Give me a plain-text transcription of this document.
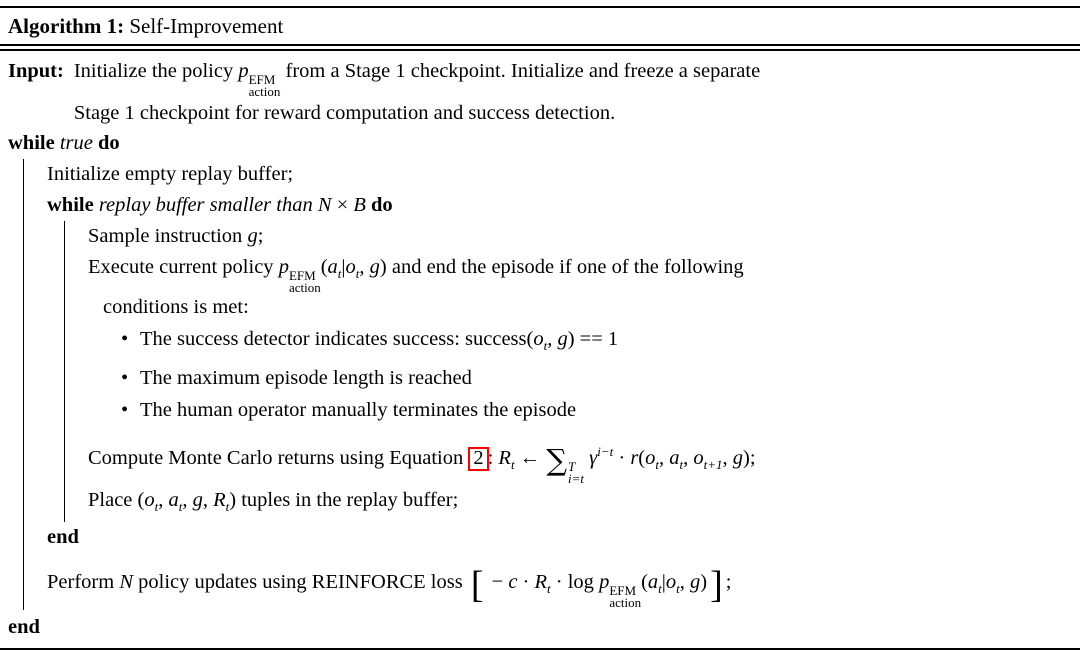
Algorithm 1: Self-Improvement
Input: Initialize the policy p EFM
action
from a Stage 1 checkpoint. Initialize and freeze a separate
Stage 1 checkpoint for reward computation and success detection.
while true do
Initialize empty replay buffer;
while replay buffer smaller than N × B do
Sample instruction g;
Execute current policy p EFM
action
($a_t|o_t$, g) and end the episode if one of the following
conditions is met:
• The success detector indicates success: $success(o_t$, g) == 1
• The maximum episode length is reached
• The human operator manually terminates the episode
Compute Monte Carlo returns using Equation 2 : $R_t$ ← ∑ T
i=t
$\gamma^{i-t} \cdot r(o_t$, $a_t$, $o_{t+1}$, g);
Place ($o_t$, $a_t$, g, $R_t$) tuples in the replay buffer;
end
Perform N policy updates using REINFORCE loss [ − $c \cdot R_t \cdot \log p$ EFM
action
($a_t|o_t$, g)] ;
end
